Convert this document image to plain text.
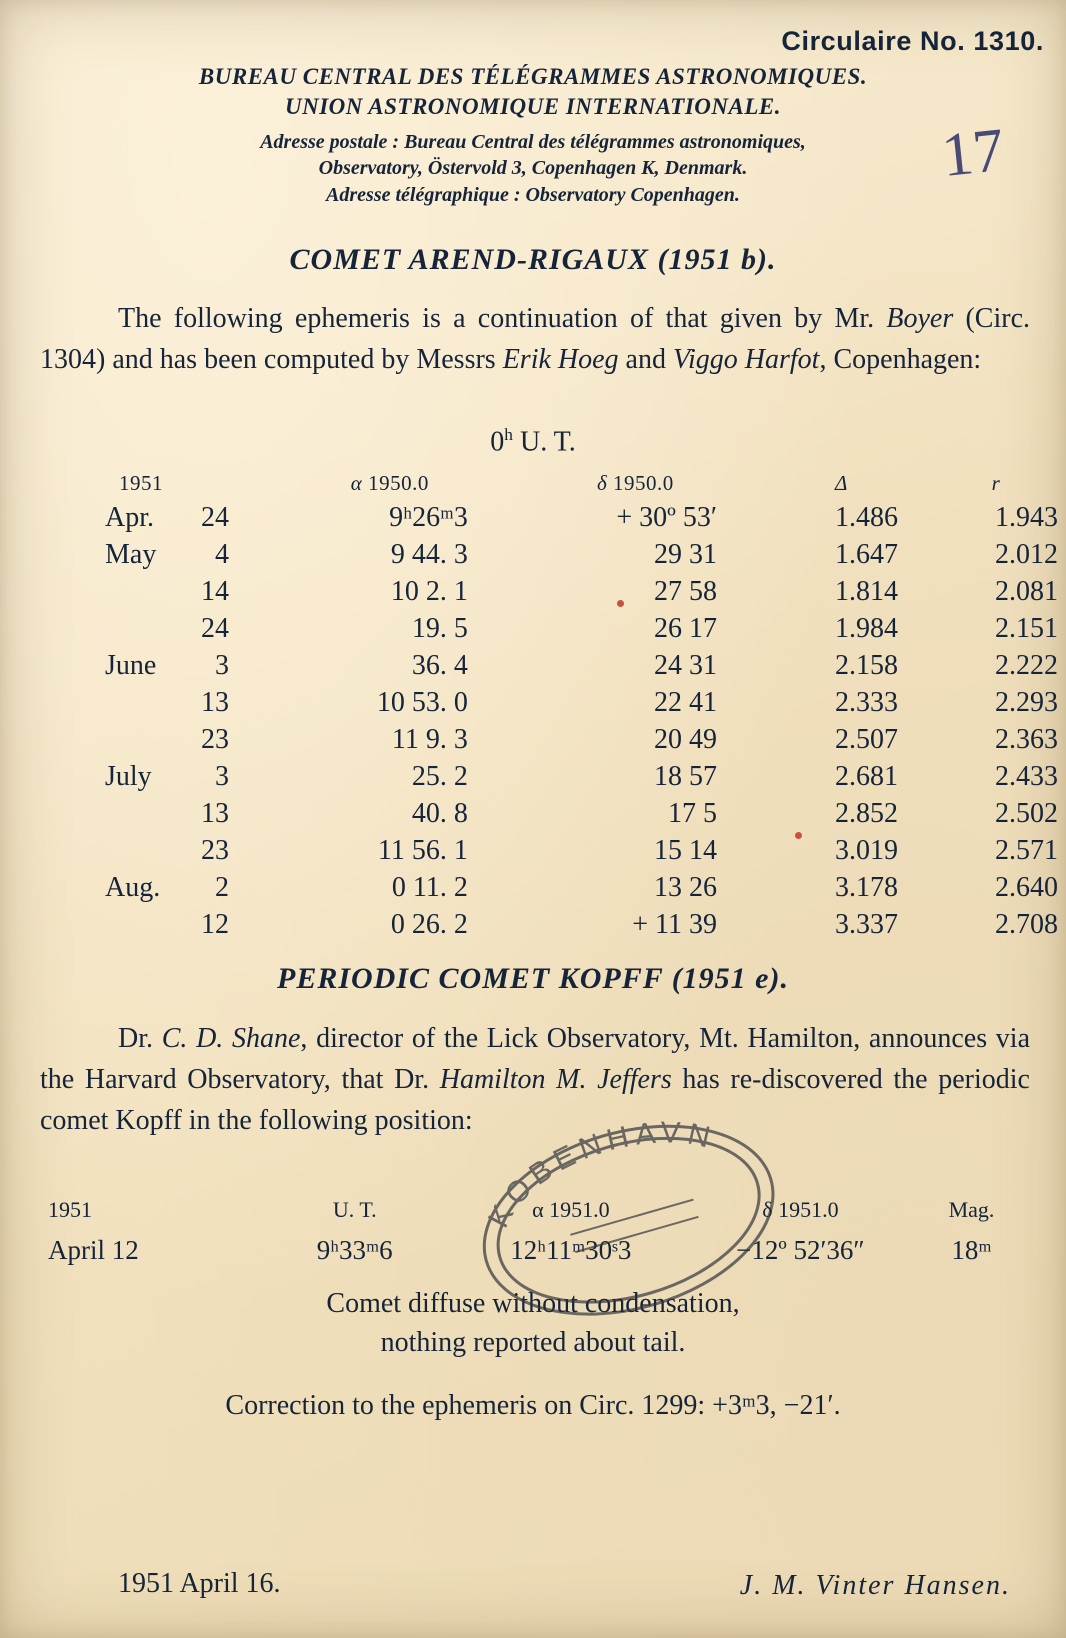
Circulaire No. 1310.
BUREAU CENTRAL DES TÉLÉGRAMMES ASTRONOMIQUES.
UNION ASTRONOMIQUE INTERNATIONALE.
Adresse postale : Bureau Central des télégrammes astronomiques,
Observatory, Östervold 3, Copenhagen K, Denmark.
Adresse télégraphique : Observatory Copenhagen.
17
COMET AREND-RIGAUX (1951 b).
The following ephemeris is a continuation of that given by Mr. Boyer (Circ. 1304) and has been computed by Messrs Erik Hoeg and Viggo Harfot, Copenhagen:
0$^h$ U. T.
1951	α 1950.0	δ 1950.0	Δ	r
Apr. 24	9ʰ26ᵐ3	+ 30º 53′	1.486	1.943
May 4	9 44. 3	29 31	1.647	2.012
14	10 2. 1	27 58	1.814	2.081
24	19. 5	26 17	1.984	2.151
June 3	36. 4	24 31	2.158	2.222
13	10 53. 0	22 41	2.333	2.293
23	11 9. 3	20 49	2.507	2.363
July 3	25. 2	18 57	2.681	2.433
13	40. 8	17 5	2.852	2.502
23	11 56. 1	15 14	3.019	2.571
Aug. 2	0 11. 2	13 26	3.178	2.640
12	0 26. 2	+ 11 39	3.337	2.708
PERIODIC COMET KOPFF (1951 e).
Dr. C. D. Shane, director of the Lick Observatory, Mt. Hamilton, announces via the Harvard Observatory, that Dr. Hamilton M. Jeffers has re-discovered the periodic comet Kopff in the following position:
1951	U. T.	α 1951.0	δ 1951.0	Mag.
April 12	9ʰ33ᵐ6	12ʰ11ᵐ30ˢ3	−12º 52′36″	18ᵐ
Comet diffuse without condensation,
nothing reported about tail.
Correction to the ephemeris on Circ. 1299: +3ᵐ3, −21′.
1951 April 16.	J. M. Vinter Hansen.
KOBENHAVN
